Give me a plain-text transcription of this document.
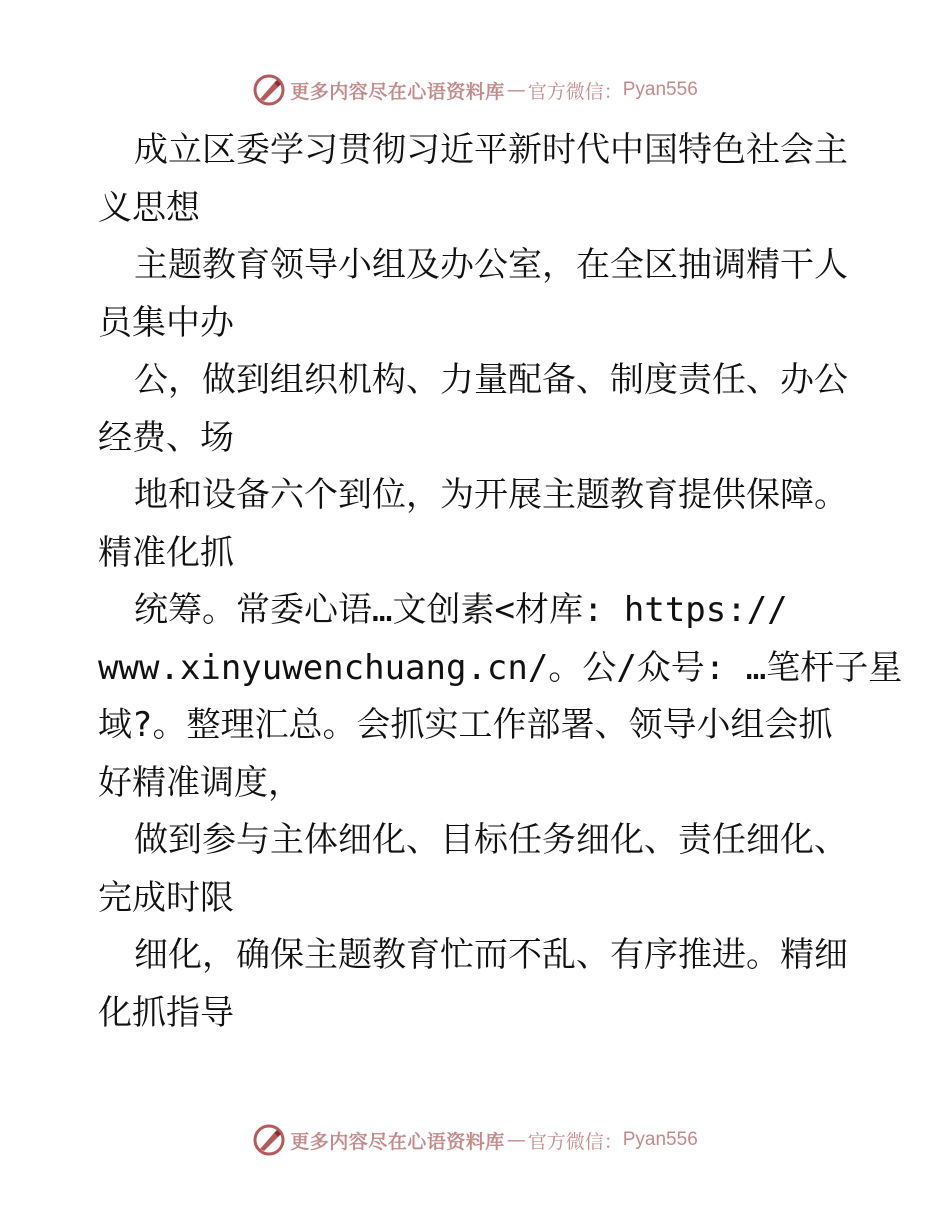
更多内容尽在心语资料库 — 官方微信： Pyan556
成立区委学习贯彻习近平新时代中国特色社会主
义思想
主题教育领导小组及办公室，在全区抽调精干人
员集中办
公，做到组织机构、力量配备、制度责任、办公
经费、场
地和设备六个到位，为开展主题教育提供保障。
精准化抓
统筹。常委心语…文创素<材库: https://
www.xinyuwenchuang.cn/。公/众号: …笔杆子星
域?。整理汇总。会抓实工作部署、领导小组会抓
好精准调度，
做到参与主体细化、目标任务细化、责任细化、
完成时限
细化，确保主题教育忙而不乱、有序推进。精细
化抓指导
更多内容尽在心语资料库 — 官方微信： Pyan556
